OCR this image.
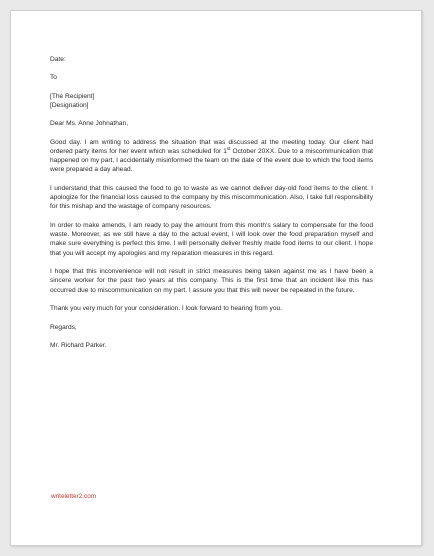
Date:
To
[The Recipient]
[Designation]
Dear Ms. Anne Johnathan,

Good day. I am writing to address the situation that was discussed at the meeting today. Our client had ordered party items for her event which was scheduled for 1st October 20XX. Due to a miscommunication that happened on my part, I accidentally misinformed the team on the date of the event due to which the food items were prepared a day ahead.

I understand that this caused the food to go to waste as we cannot deliver day-old food items to the client. I apologize for the financial loss caused to the company by this miscommunication. Also, I take full responsibility for this mishap and the wastage of company resources.

In order to make amends, I am ready to pay the amount from this month’s salary to compensate for the food waste. Moreover, as we still have a day to the actual event, I will look over the food preparation myself and make sure everything is perfect this time. I will personally deliver freshly made food items to our client. I hope that you will accept my apologies and my reparation measures in this regard.

I hope that this inconvenience will not result in strict measures being taken against me as I have been a sincere worker for the past two years at this company. This is the first time that an incident like this has occurred due to miscommunication on my part. I assure you that this will never be repeated in the future.

Thank you very much for your consideration. I look forward to hearing from you.

Regards,
Mr. Richard Parker.
writeletter2.com
